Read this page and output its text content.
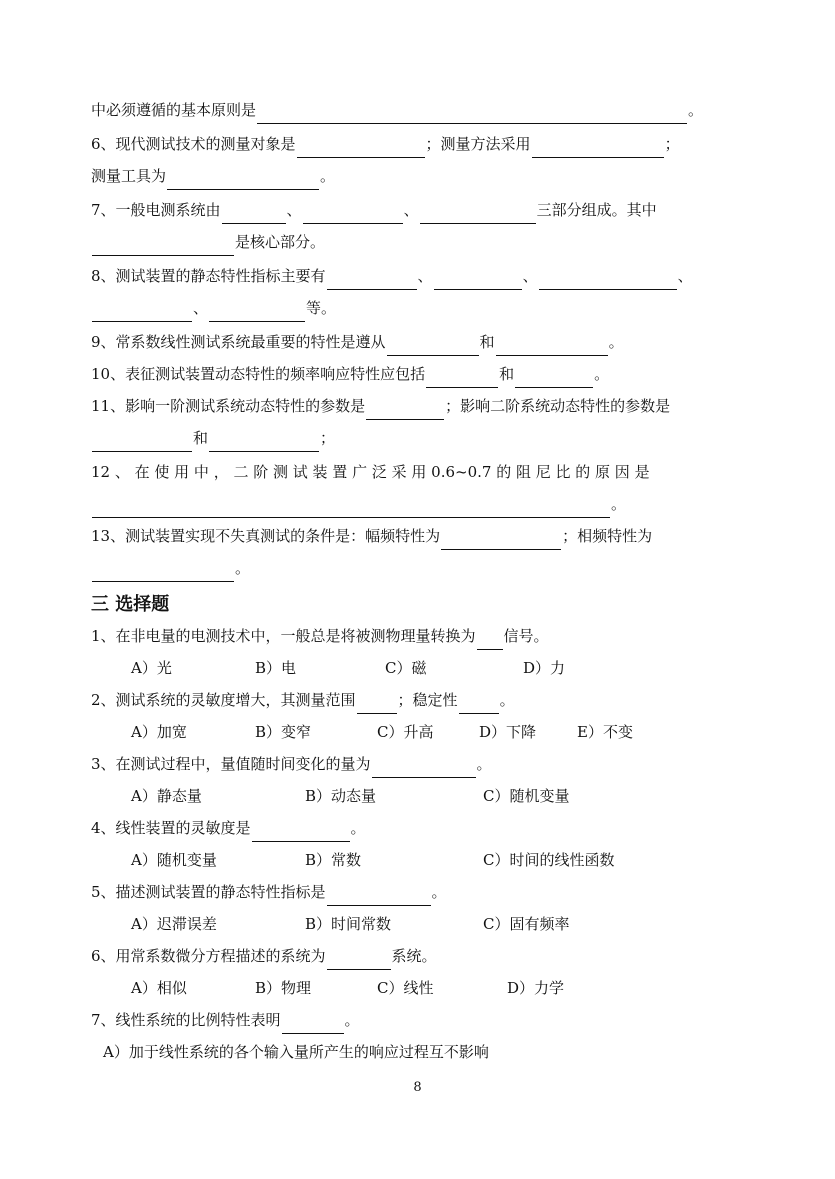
中必须遵循的基本原则是	。
6、现代测试技术的测量对象是	；测量方法采用	；
测量工具为	。
7、一般电测系统由	、	、	三部分组成。其中
是核心部分。
8、测试装置的静态特性指标主要有	、	、	、
、	等。
9、常系数线性测试系统最重要的特性是遵从	和	。
10、表征测试装置动态特性的频率响应特性应包括	和	。
11、影响一阶测试系统动态特性的参数是	；影响二阶系统动态特性的参数是
和	；
12 、 在 使 用 中 ， 二 阶 测 试 装 置 广 泛 采 用 0.6~0.7 的 阻 尼 比 的 原 因 是
。
13、测试装置实现不失真测试的条件是：幅频特性为	；相频特性为
。
三 选择题
1、在非电量的电测技术中，一般总是将被测物理量转换为 信号。
A）光	B）电	C）磁	D）力
2、测试系统的灵敏度增大，其测量范围	；稳定性	。
A）加宽	B）变窄	C）升高	D）下降	E）不变
3、在测试过程中，量值随时间变化的量为	。
A）静态量	B）动态量	C）随机变量
4、线性装置的灵敏度是	。
A）随机变量	B）常数	C）时间的线性函数
5、描述测试装置的静态特性指标是	。
A）迟滞误差	B）时间常数	C）固有频率
6、用常系数微分方程描述的系统为	系统。
A）相似	B）物理	C）线性	D）力学
7、线性系统的比例特性表明	。
A）加于线性系统的各个输入量所产生的响应过程互不影响
8
